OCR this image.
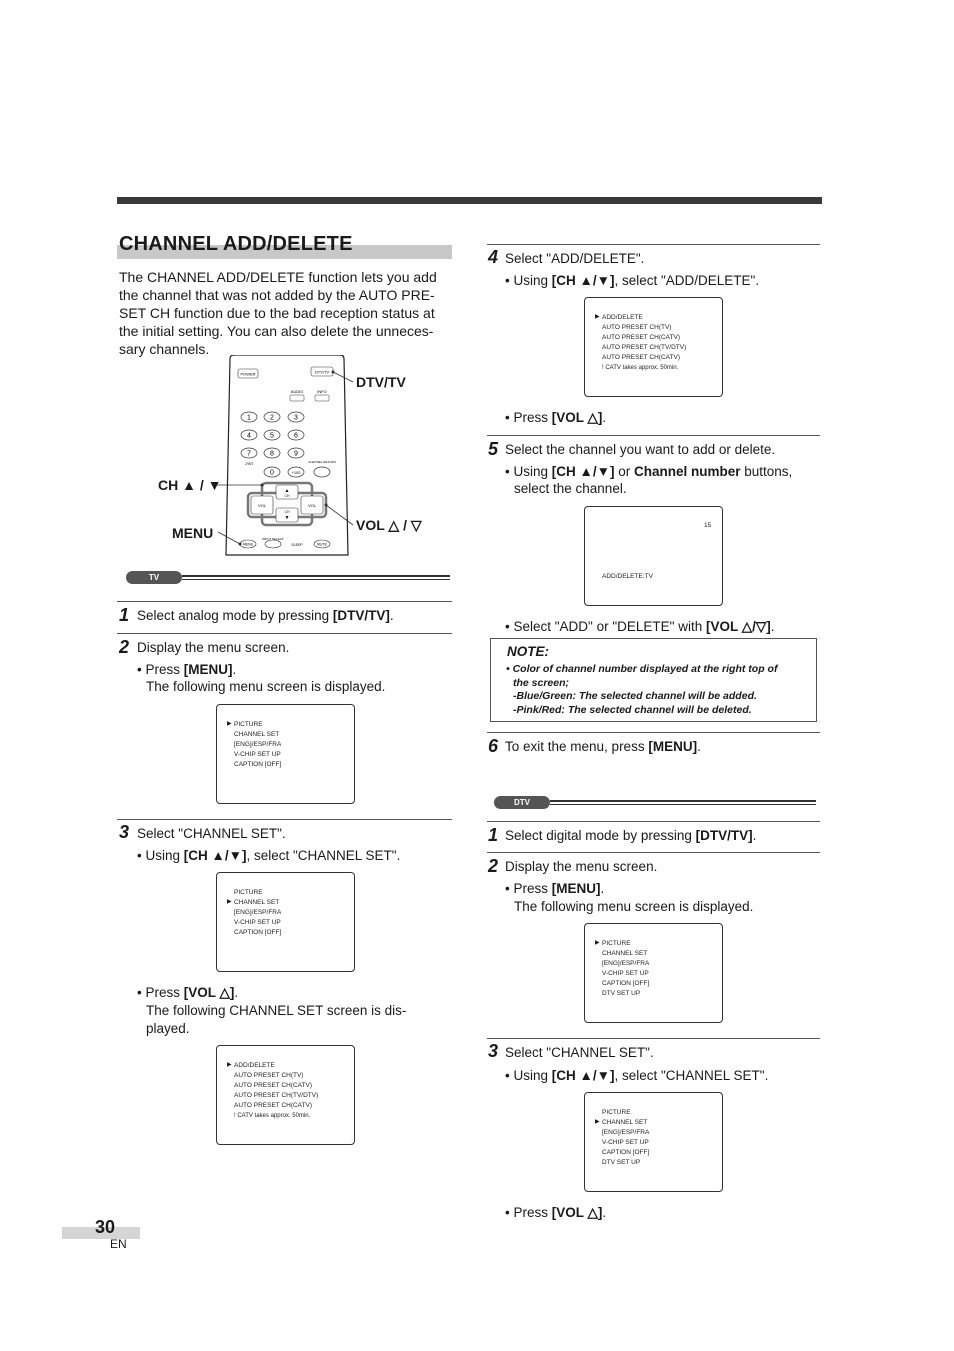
CHANNEL ADD/DELETE
The CHANNEL ADD/DELETE function lets you add
the channel that was not added by the AUTO PRE-
SET CH function due to the bad reception status at
the initial setting. You can also delete the unneces-
sary channels.
POWER	DTV/TV
AUDIO	INFO
1	2	3
4	5	6
7	8	9
–RNT
0	+100
CHANNEL RETURN
▲
CH
CH
▼
VOL	VOL
MENU
INPUT SELECT
SLEEP	MUTE
DTV/TV
CH ▲ / ▼
MENU	VOL △ / ▽
TV
1 Select analog mode by pressing [DTV/TV].
2 Display the menu screen.
• Press [MENU].
The following menu screen is displayed.
▶ PICTURE
CHANNEL SET
[ENG]/ESP/FRA
V-CHIP SET UP
CAPTION [OFF]
3 Select "CHANNEL SET".
• Using [CH ▲/▼], select "CHANNEL SET".
▶
PICTURE
CHANNEL SET
[ENG]/ESP/FRA
V-CHIP SET UP
CAPTION [OFF]
• Press [VOL △].
The following CHANNEL SET screen is dis-
played.
▶ ADD/DELETE
AUTO PRESET CH(TV)
AUTO PRESET CH(CATV)
AUTO PRESET CH(TV/DTV)
AUTO PRESET CH(CATV)
! CATV takes approx. 50min.
4 Select "ADD/DELETE".
• Using [CH ▲/▼], select "ADD/DELETE".
▶ ADD/DELETE
AUTO PRESET CH(TV)
AUTO PRESET CH(CATV)
AUTO PRESET CH(TV/DTV)
AUTO PRESET CH(CATV)
! CATV takes approx. 50min.
• Press [VOL △].
5 Select the channel you want to add or delete.
• Using [CH ▲/▼] or Channel number buttons,
select the channel.
15
ADD/DELETE:TV
• Select "ADD" or "DELETE" with [VOL △/▽].
NOTE:
• Color of channel number displayed at the right top of
the screen;
-Blue/Green: The selected channel will be added.
-Pink/Red: The selected channel will be deleted.
6 To exit the menu, press [MENU].
DTV
1 Select digital mode by pressing [DTV/TV].
2 Display the menu screen.
• Press [MENU].
The following menu screen is displayed.
▶ PICTURE
CHANNEL SET
[ENG]/ESP/FRA
V-CHIP SET UP
CAPTION [OFF]
DTV SET UP
3 Select "CHANNEL SET".
• Using [CH ▲/▼], select "CHANNEL SET".
▶
PICTURE
CHANNEL SET
[ENG]/ESP/FRA
V-CHIP SET UP
CAPTION [OFF]
DTV SET UP
• Press [VOL △].
30
EN
